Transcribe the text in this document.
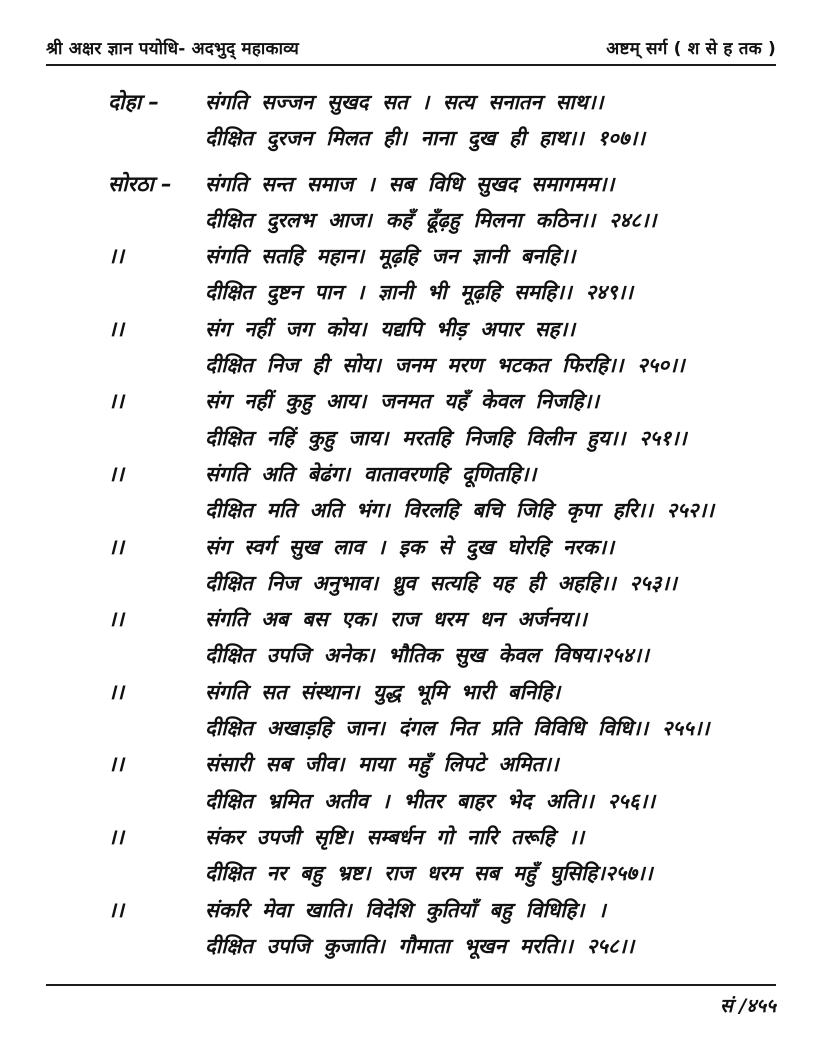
श्री अक्षर ज्ञान पयोधि- अदभुद् महाकाव्य	अष्टम् सर्ग ( श से ह तक )
दोहा –	संगति सज्जन सुखद सत । सत्य सनातन साथ।।
दीक्षित दुरजन मिलत ही। नाना दुख ही हाथ।। १०७।।
सोरठा –	संगति सन्त समाज । सब विधि सुखद समागमम।।
दीक्षित दुरलभ आज। कहँ ढूँढ़हु मिलना कठिन।। २४८।।
।।	संगति सतहि महान। मूढ़हि जन ज्ञानी बनहि।।
दीक्षित दुष्टन पान । ज्ञानी भी मूढ़हि समहि।। २४९।।
।।	संग नहीं जग कोय। यद्यपि भीड़ अपार सह।।
दीक्षित निज ही सोय। जनम मरण भटकत फिरहि।। २५०।।
।।	संग नहीं कुहु आय। जनमत यहँ केवल निजहि।।
दीक्षित नहिं कुहु जाय। मरतहि निजहि विलीन हुय।। २५१।।
।।	संगति अति बेढंग। वातावरणहि दूणितहि।।
दीक्षित मति अति भंग। विरलहि बचि जिहि कृपा हरि।। २५२।।
।।	संग स्वर्ग सुख लाव । इक से दुख घोरहि नरक।।
दीक्षित निज अनुभाव। ध्रुव सत्यहि यह ही अहहि।। २५३।।
।।	संगति अब बस एक। राज धरम धन अर्जनय।।
दीक्षित उपजि अनेक। भौतिक सुख केवल विषय।२५४।।
।।	संगति सत संस्थान। युद्ध भूमि भारी बनिहि।
दीक्षित अखाड़हि जान। दंगल नित प्रति विविधि विधि।। २५५।।
।।	संसारी सब जीव। माया महुँ लिपटे अमित।।
दीक्षित भ्रमित अतीव । भीतर बाहर भेद अति।। २५६।।
।।	संकर उपजी सृष्टि। सम्बर्धन गो नारि तरूहि ।।
दीक्षित नर बहु भ्रष्ट। राज धरम सब महुँ घुसिहि।२५७।।
।।	संकरि मेवा खाति। विदेशि कुतियाँ बहु विधिहि। ।
दीक्षित उपजि कुजाति। गौमाता भूखन मरति।। २५८।।
सं /४५५
